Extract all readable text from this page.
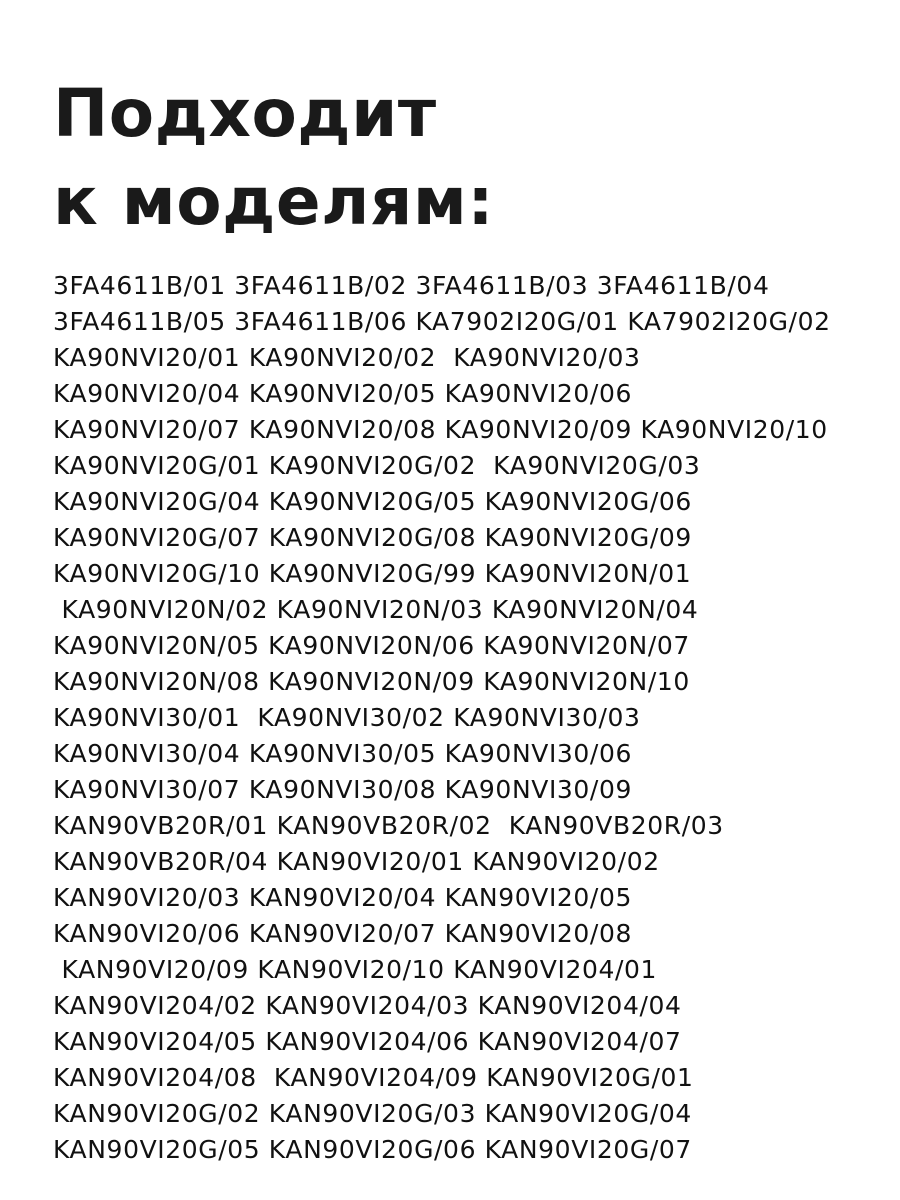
Подходит
к моделям:
3FA4611B/01 3FA4611B/02 3FA4611B/03 3FA4611B/04
3FA4611B/05 3FA4611B/06 KA7902I20G/01 KA7902I20G/02
KA90NVI20/01 KA90NVI20/02  KA90NVI20/03
KA90NVI20/04 KA90NVI20/05 KA90NVI20/06
KA90NVI20/07 KA90NVI20/08 KA90NVI20/09 KA90NVI20/10
KA90NVI20G/01 KA90NVI20G/02  KA90NVI20G/03
KA90NVI20G/04 KA90NVI20G/05 KA90NVI20G/06
KA90NVI20G/07 KA90NVI20G/08 KA90NVI20G/09
KA90NVI20G/10 KA90NVI20G/99 KA90NVI20N/01
KA90NVI20N/02 KA90NVI20N/03 KA90NVI20N/04
KA90NVI20N/05 KA90NVI20N/06 KA90NVI20N/07
KA90NVI20N/08 KA90NVI20N/09 KA90NVI20N/10
KA90NVI30/01  KA90NVI30/02 KA90NVI30/03
KA90NVI30/04 KA90NVI30/05 KA90NVI30/06
KA90NVI30/07 KA90NVI30/08 KA90NVI30/09
KAN90VB20R/01 KAN90VB20R/02  KAN90VB20R/03
KAN90VB20R/04 KAN90VI20/01 KAN90VI20/02
KAN90VI20/03 KAN90VI20/04 KAN90VI20/05
KAN90VI20/06 KAN90VI20/07 KAN90VI20/08
KAN90VI20/09 KAN90VI20/10 KAN90VI204/01
KAN90VI204/02 KAN90VI204/03 KAN90VI204/04
KAN90VI204/05 KAN90VI204/06 KAN90VI204/07
KAN90VI204/08  KAN90VI204/09 KAN90VI20G/01
KAN90VI20G/02 KAN90VI20G/03 KAN90VI20G/04
KAN90VI20G/05 KAN90VI20G/06 KAN90VI20G/07
